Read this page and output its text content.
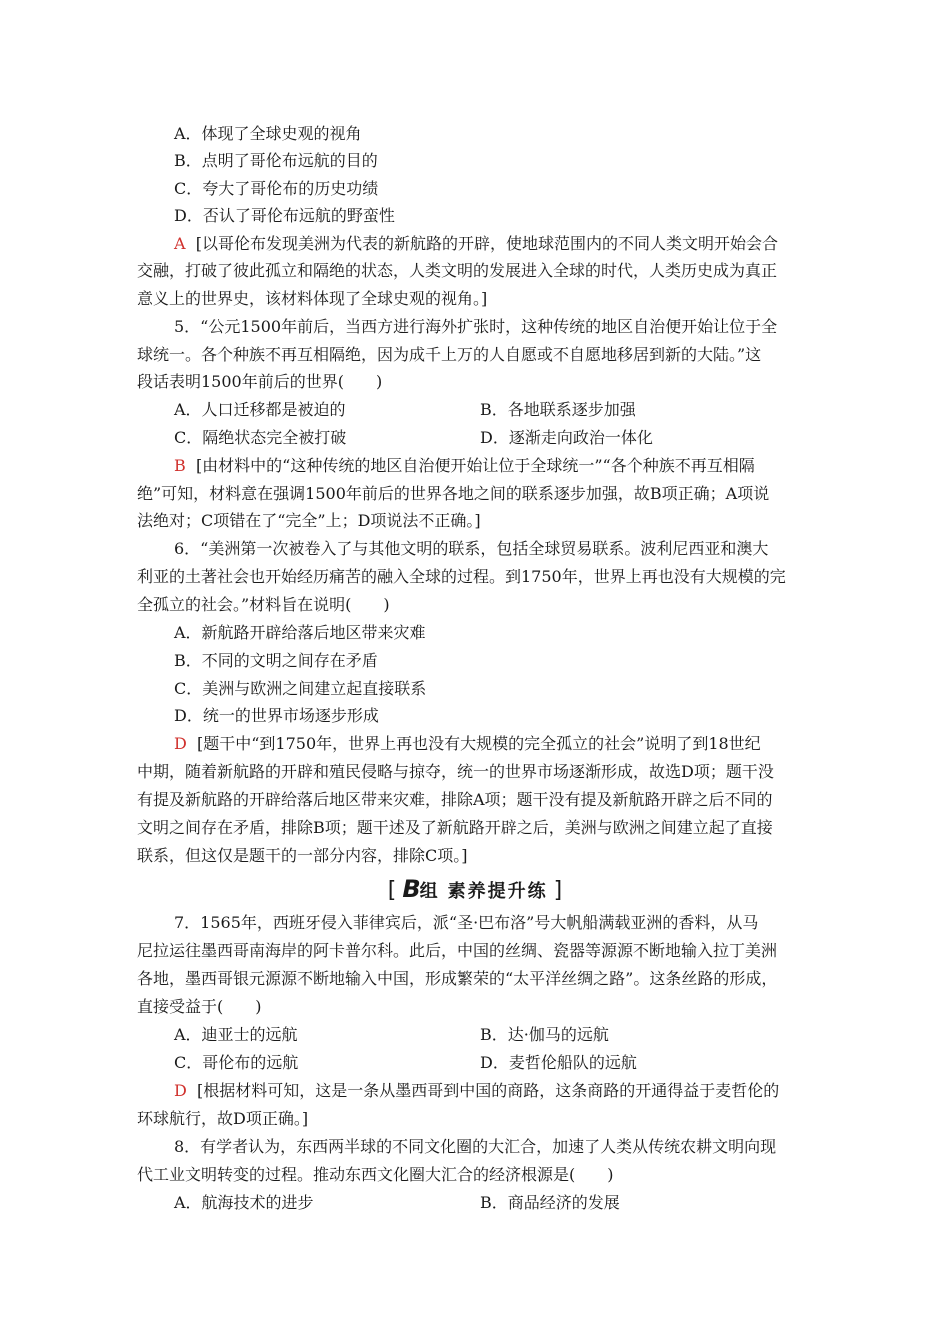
A．体现了全球史观的视角
B．点明了哥伦布远航的目的
C．夸大了哥伦布的历史功绩
D．否认了哥伦布远航的野蛮性
A [以哥伦布发现美洲为代表的新航路的开辟，使地球范围内的不同人类文明开始会合
交融，打破了彼此孤立和隔绝的状态，人类文明的发展进入全球的时代，人类历史成为真正
意义上的世界史，该材料体现了全球史观的视角。]
5．“公元1500年前后，当西方进行海外扩张时，这种传统的地区自治便开始让位于全
球统一。各个种族不再互相隔绝，因为成千上万的人自愿或不自愿地移居到新的大陆。”这
段话表明1500年前后的世界(　　)
A．人口迁移都是被迫的	B．各地联系逐步加强
C．隔绝状态完全被打破	D．逐渐走向政治一体化
B [由材料中的“这种传统的地区自治便开始让位于全球统一”“各个种族不再互相隔
绝”可知，材料意在强调1500年前后的世界各地之间的联系逐步加强，故B项正确；A项说
法绝对；C项错在了“完全”上；D项说法不正确。]
6．“美洲第一次被卷入了与其他文明的联系，包括全球贸易联系。波利尼西亚和澳大
利亚的土著社会也开始经历痛苦的融入全球的过程。到1750年，世界上再也没有大规模的完
全孤立的社会。”材料旨在说明(　　)
A．新航路开辟给落后地区带来灾难
B．不同的文明之间存在矛盾
C．美洲与欧洲之间建立起直接联系
D．统一的世界市场逐步形成
D [题干中“到1750年，世界上再也没有大规模的完全孤立的社会”说明了到18世纪
中期，随着新航路的开辟和殖民侵略与掠夺，统一的世界市场逐渐形成，故选D项；题干没
有提及新航路的开辟给落后地区带来灾难，排除A项；题干没有提及新航路开辟之后不同的
文明之间存在矛盾，排除B项；题干述及了新航路开辟之后，美洲与欧洲之间建立起了直接
联系，但这仅是题干的一部分内容，排除C项。]
[ B组 素养提升练 ]
7．1565年，西班牙侵入菲律宾后，派“圣·巴布洛”号大帆船满载亚洲的香料，从马
尼拉运往墨西哥南海岸的阿卡普尔科。此后，中国的丝绸、瓷器等源源不断地输入拉丁美洲
各地，墨西哥银元源源不断地输入中国，形成繁荣的“太平洋丝绸之路”。这条丝路的形成，
直接受益于(　　)
A．迪亚士的远航	B．达·伽马的远航
C．哥伦布的远航	D．麦哲伦船队的远航
D [根据材料可知，这是一条从墨西哥到中国的商路，这条商路的开通得益于麦哲伦的
环球航行，故D项正确。]
8．有学者认为，东西两半球的不同文化圈的大汇合，加速了人类从传统农耕文明向现
代工业文明转变的过程。推动东西文化圈大汇合的经济根源是(　　)
A．航海技术的进步	B．商品经济的发展
